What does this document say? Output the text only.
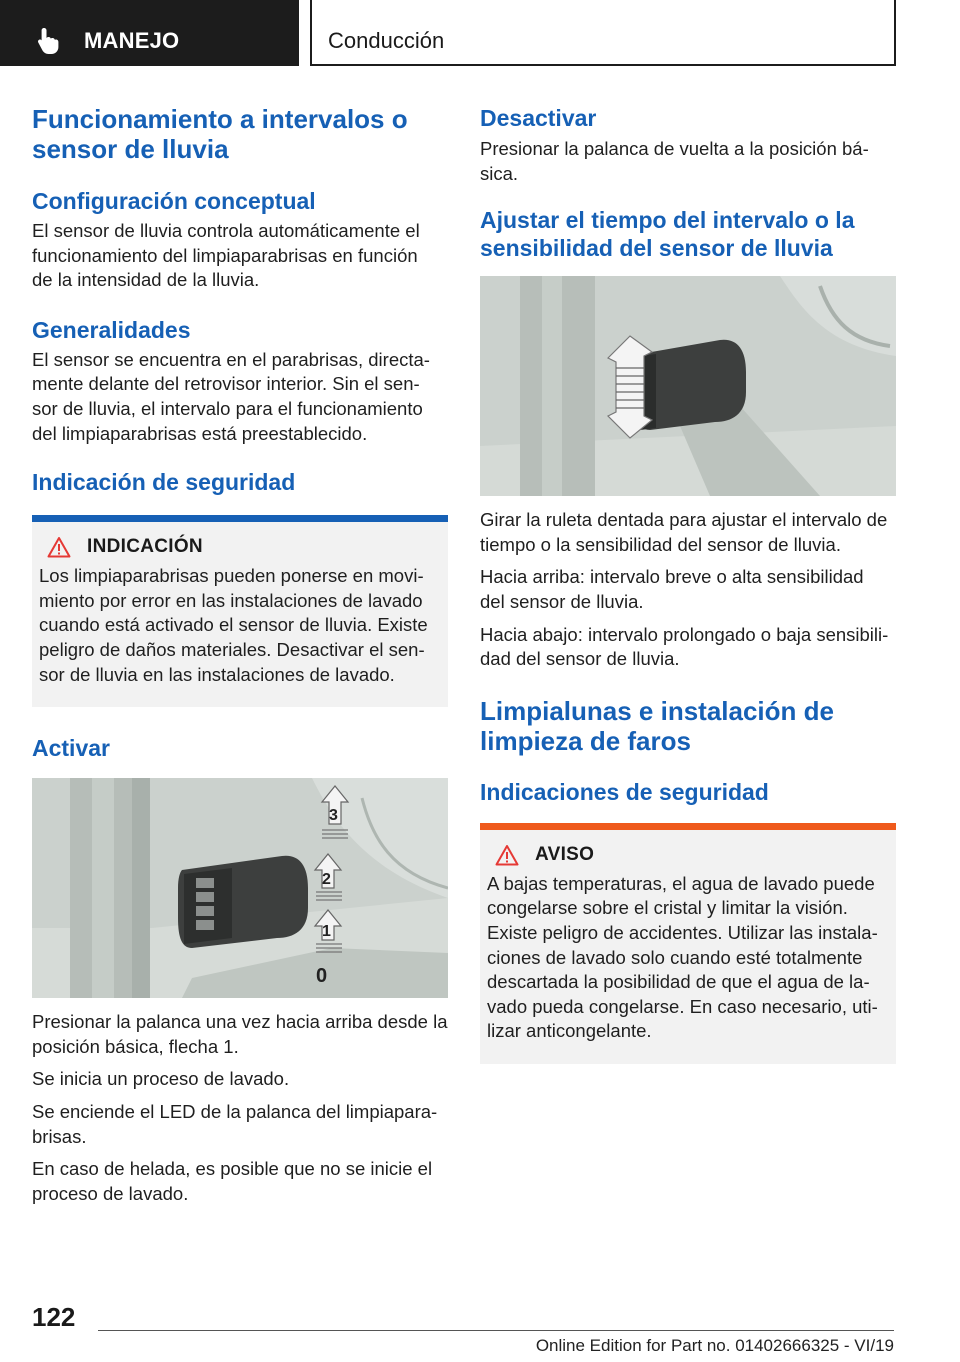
MANEJO	Conducción
Funcionamiento a intervalos o sensor de lluvia
Configuración conceptual
El sensor de lluvia controla automáticamente el funcionamiento del limpiaparabrisas en función de la intensidad de la lluvia.
Generalidades
El sensor se encuentra en el parabrisas, directa-mente delante del retrovisor interior. Sin el sen-sor de lluvia, el intervalo para el funcionamiento del limpiaparabrisas está preestablecido.
Indicación de seguridad
INDICACIÓN
Los limpiaparabrisas pueden ponerse en movi-miento por error en las instalaciones de lavado cuando está activado el sensor de lluvia. Existe peligro de daños materiales. Desactivar el sen-sor de lluvia en las instalaciones de lavado.
Activar
3
2
1
0
Presionar la palanca una vez hacia arriba desde la posición básica, flecha 1.
Se inicia un proceso de lavado.
Se enciende el LED de la palanca del limpiapara-brisas.
En caso de helada, es posible que no se inicie el proceso de lavado.
Desactivar
Presionar la palanca de vuelta a la posición bá-sica.
Ajustar el tiempo del intervalo o la sensibilidad del sensor de lluvia
Girar la ruleta dentada para ajustar el intervalo de tiempo o la sensibilidad del sensor de lluvia.
Hacia arriba: intervalo breve o alta sensibilidad del sensor de lluvia.
Hacia abajo: intervalo prolongado o baja sensibili-dad del sensor de lluvia.
Limpialunas e instalación de limpieza de faros
Indicaciones de seguridad
AVISO
A bajas temperaturas, el agua de lavado puede congelarse sobre el cristal y limitar la visión. Existe peligro de accidentes. Utilizar las instala-ciones de lavado solo cuando esté totalmente descartada la posibilidad de que el agua de la-vado pueda congelarse. En caso necesario, uti-lizar anticongelante.
122
Online Edition for Part no. 01402666325 - VI/19
